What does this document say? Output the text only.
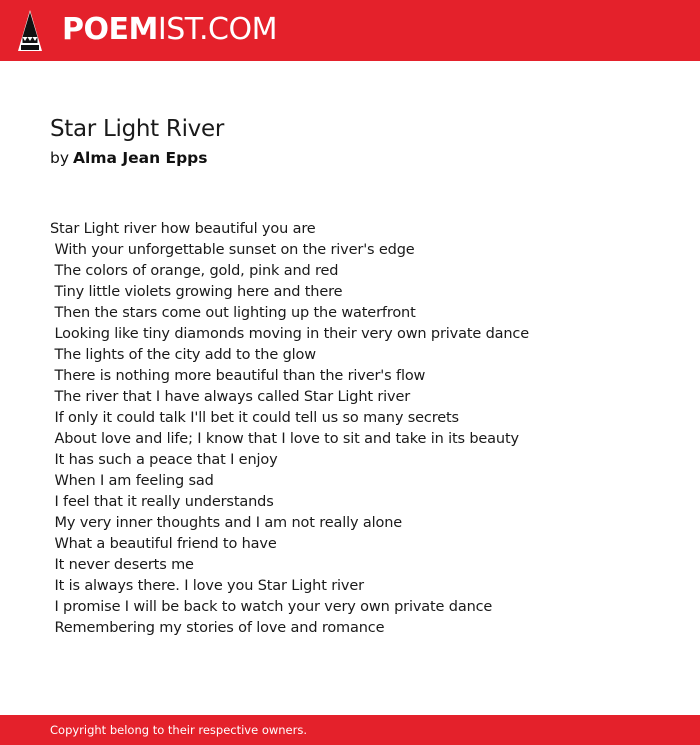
POEMIST.COM
Star Light River
by Alma Jean Epps
Star Light river how beautiful you are
With your unforgettable sunset on the river's edge
The colors of orange, gold, pink and red
Tiny little violets growing here and there
Then the stars come out lighting up the waterfront
Looking like tiny diamonds moving in their very own private dance
The lights of the city add to the glow
There is nothing more beautiful than the river's flow
The river that I have always called Star Light river
If only it could talk I'll bet it could tell us so many secrets
About love and life; I know that I love to sit and take in its beauty
It has such a peace that I enjoy
When I am feeling sad
I feel that it really understands
My very inner thoughts and I am not really alone
What a beautiful friend to have
It never deserts me
It is always there. I love you Star Light river
I promise I will be back to watch your very own private dance
Remembering my stories of love and romance
Copyright belong to their respective owners.
